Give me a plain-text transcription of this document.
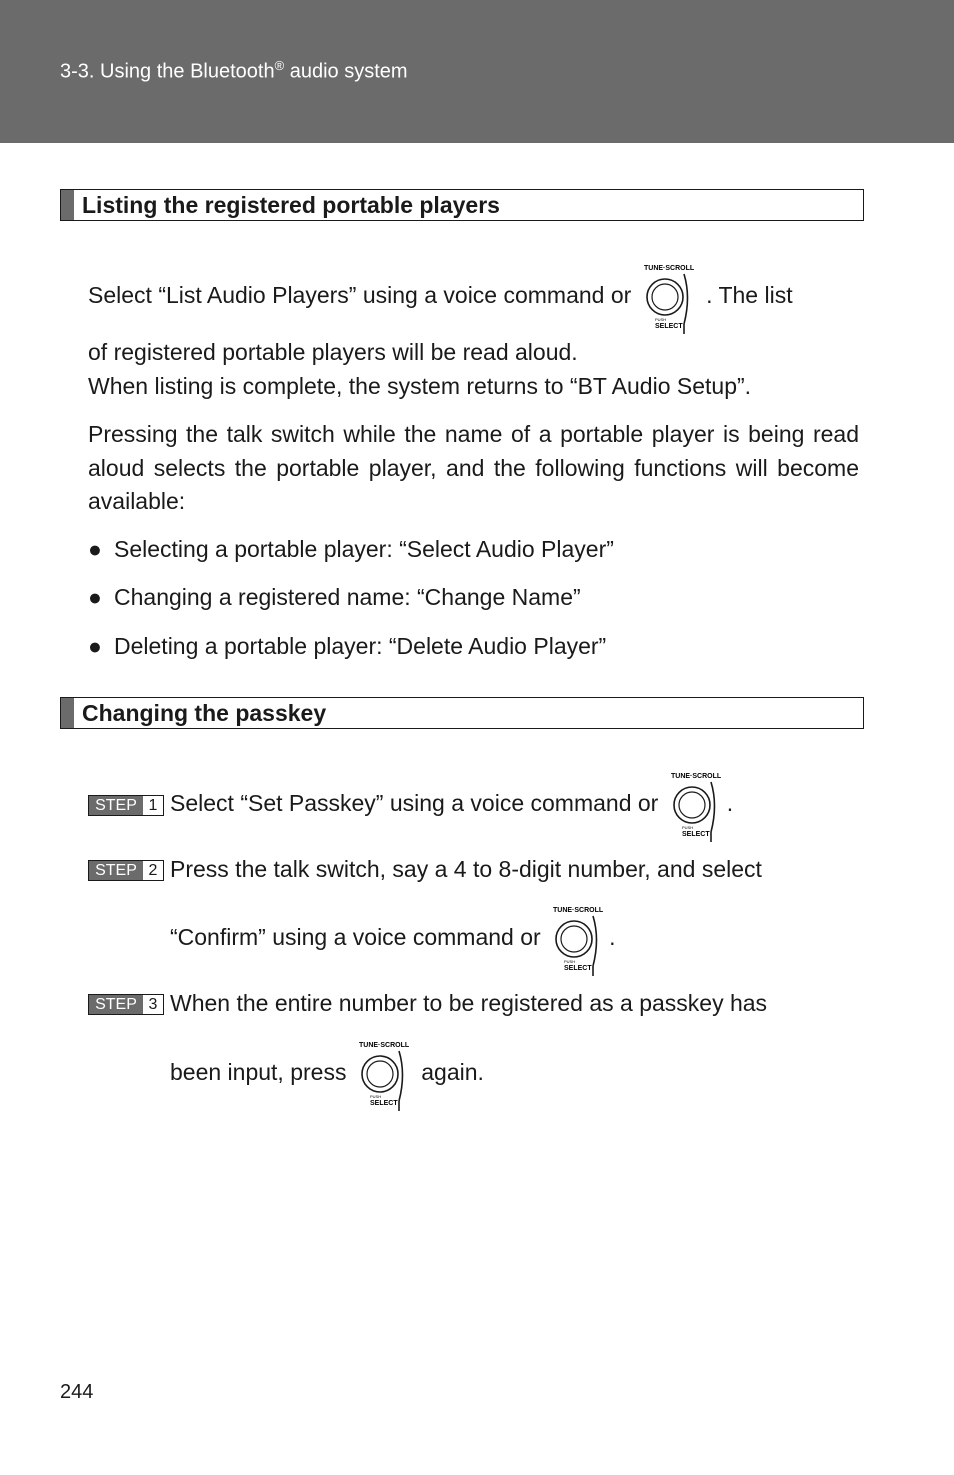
3-3. Using the Bluetooth® audio system
Listing the registered portable players
Select “List Audio Players” using a voice command or
TUNE·SCROLL
PUSH
SELECT
. The list
of registered portable players will be read aloud.
When listing is complete, the system returns to “BT Audio Setup”.
Pressing the talk switch while the name of a portable player is being read aloud selects the portable player, and the following functions will become available:
● Selecting a portable player: “Select Audio Player”
● Changing a registered name: “Change Name”
● Deleting a portable player: “Delete Audio Player”
Changing the passkey
STEP 1 Select “Set Passkey” using a voice command or
TUNE·SCROLL
PUSH
SELECT
.
STEP 2 Press the talk switch, say a 4 to 8-digit number, and select
“Confirm” using a voice command or
TUNE·SCROLL
PUSH
SELECT
.
STEP 3 When the entire number to be registered as a passkey has
been input, press
TUNE·SCROLL
PUSH
SELECT
again.
244
